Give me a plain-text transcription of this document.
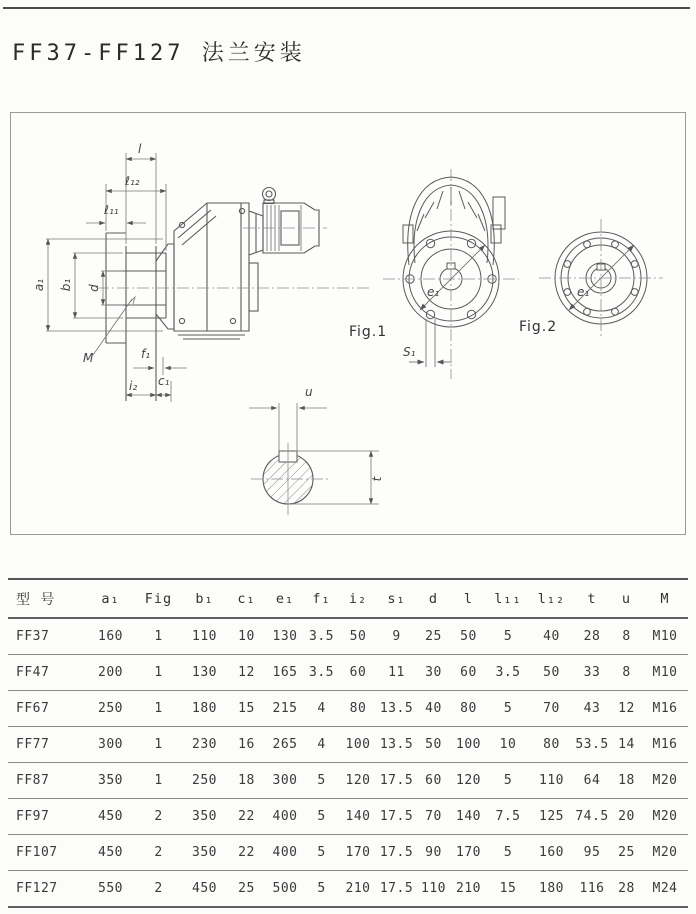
FF37-FF127 法兰安装
l
ℓ₁₂
ℓ₁₁
a₁ b₁ d
M	f₁
i₂ c₁
e₁
Fig.1
S₁
e₁
Fig.2
u
t
型 号	a₁	Fig	b₁	c₁	e₁	f₁	i₂	s₁	d	l	l₁₁	l₁₂	t	u	M
FF37	160	1	110	10	130	3.5	50	9	25	50	5	40	28	8	M10
FF47	200	1	130	12	165	3.5	60	11	30	60	3.5	50	33	8	M10
FF67	250	1	180	15	215	4	80	13.5	40	80	5	70	43	12	M16
FF77	300	1	230	16	265	4	100	13.5	50	100	10	80	53.5	14	M16
FF87	350	1	250	18	300	5	120	17.5	60	120	5	110	64	18	M20
FF97	450	2	350	22	400	5	140	17.5	70	140	7.5	125	74.5	20	M20
FF107	450	2	350	22	400	5	170	17.5	90	170	5	160	95	25	M20
FF127	550	2	450	25	500	5	210	17.5	110	210	15	180	116	28	M24
